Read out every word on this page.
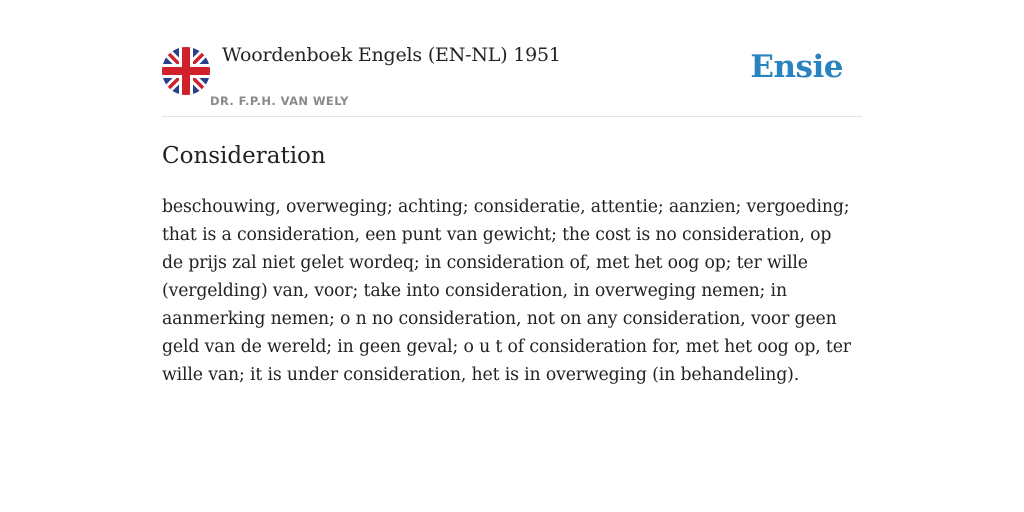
Woordenboek Engels (EN-NL) 1951
DR. F.P.H. VAN WELY
Ensie
Consideration

beschouwing, overweging; achting; consideratie, attentie; aanzien; vergoeding; that is a consideration, een punt van gewicht; the cost is no consideration, op de prijs zal niet gelet wordeq; in consideration of, met het oog op; ter wille (vergelding) van, voor; take into consideration, in overweging nemen; in aanmerking nemen; o n no consideration, not on any consideration, voor geen geld van de wereld; in geen geval; o u t of consideration for, met het oog op, ter wille van; it is under consideration, het is in overweging (in behandeling).
